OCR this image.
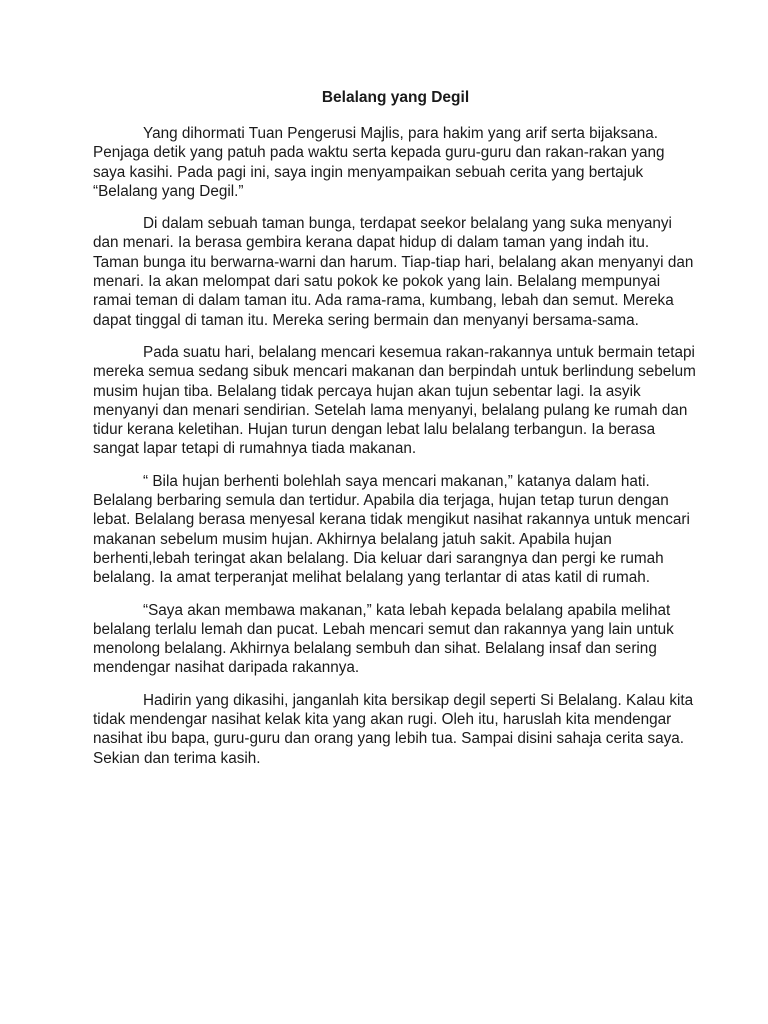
Belalang yang Degil

Yang dihormati Tuan Pengerusi Majlis, para hakim yang arif serta bijaksana. Penjaga detik yang patuh pada waktu serta kepada guru-guru dan rakan-rakan yang saya kasihi. Pada pagi ini, saya ingin menyampaikan sebuah cerita yang bertajuk “Belalang yang Degil.”

Di dalam sebuah taman bunga, terdapat seekor belalang yang suka menyanyi dan menari. Ia berasa gembira kerana dapat hidup di dalam taman yang indah itu. Taman bunga itu berwarna-warni dan harum. Tiap-tiap hari, belalang akan menyanyi dan menari. Ia akan melompat dari satu pokok ke pokok yang lain. Belalang mempunyai ramai teman di dalam taman itu. Ada rama-rama, kumbang, lebah dan semut. Mereka dapat tinggal di taman itu. Mereka sering bermain dan menyanyi bersama-sama.

Pada suatu hari, belalang mencari kesemua rakan-rakannya untuk bermain tetapi mereka semua sedang sibuk mencari makanan dan berpindah untuk berlindung sebelum musim hujan tiba. Belalang tidak percaya hujan akan tujun sebentar lagi. Ia asyik menyanyi dan menari sendirian. Setelah lama menyanyi, belalang pulang ke rumah dan tidur kerana keletihan. Hujan turun dengan lebat lalu belalang terbangun. Ia berasa sangat lapar tetapi di rumahnya tiada makanan.

“ Bila hujan berhenti bolehlah saya mencari makanan,” katanya dalam hati. Belalang berbaring semula dan tertidur. Apabila dia terjaga, hujan tetap turun dengan lebat. Belalang berasa menyesal kerana tidak mengikut nasihat rakannya untuk mencari makanan sebelum musim hujan. Akhirnya belalang jatuh sakit. Apabila hujan berhenti,lebah teringat akan belalang. Dia keluar dari sarangnya dan pergi ke rumah belalang. Ia amat terperanjat melihat belalang yang terlantar di atas katil di rumah.

“Saya akan membawa makanan,” kata lebah kepada belalang apabila melihat belalang terlalu lemah dan pucat. Lebah mencari semut dan rakannya yang lain untuk menolong belalang. Akhirnya belalang sembuh dan sihat. Belalang insaf dan sering mendengar nasihat daripada rakannya.

Hadirin yang dikasihi, janganlah kita bersikap degil seperti Si Belalang. Kalau kita tidak mendengar nasihat kelak kita yang akan rugi. Oleh itu, haruslah kita mendengar nasihat ibu bapa, guru-guru dan orang yang lebih tua. Sampai disini sahaja cerita saya. Sekian dan terima kasih.
